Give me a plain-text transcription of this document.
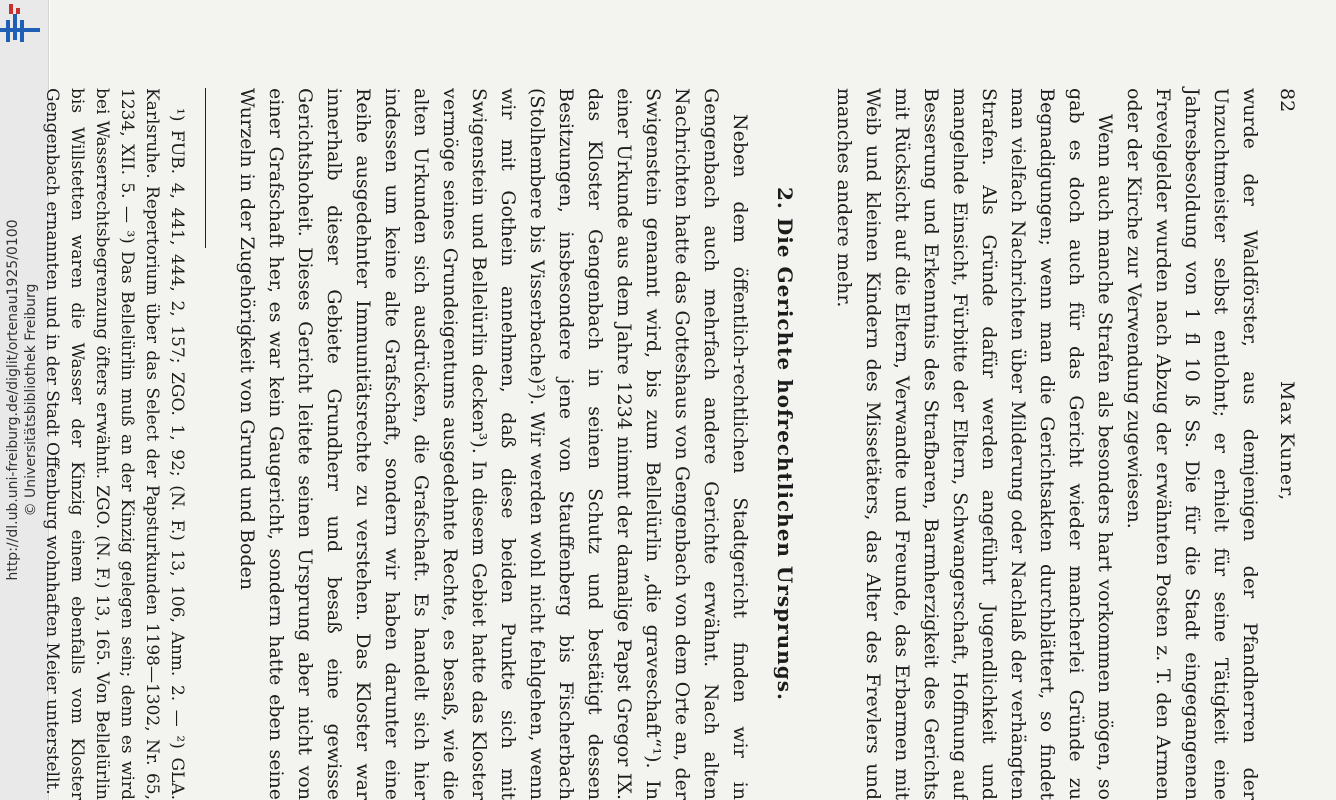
http://dl.ub.uni-freiburg.de/diglit/ortenau1925/0100 © Universitätsbibliothek Freiburg
82
Max Kuner,

wurde der Waldförster, aus demjenigen der Pfandherren der Unzuchtmeister selbst entlohnt; er erhielt für seine Tätigkeit eine Jahresbesoldung von 1 fl 10 ß Ss. Die für die Stadt eingegangenen Frevelgelder wurden nach Abzug der erwähnten Posten z. T. den Armen oder der Kirche zur Verwendung zugewiesen.

Wenn auch manche Strafen als besonders hart vorkommen mögen, so gab es doch auch für das Gericht wieder mancherlei Gründe zu Begnadigungen; wenn man die Gerichtsakten durchblättert, so findet man vielfach Nachrichten über Milderung oder Nachlaß der verhängten Strafen. Als Gründe dafür werden angeführt Jugendlichkeit und mangelnde Einsicht, Fürbitte der Eltern, Schwangerschaft, Hoffnung auf Besserung und Erkenntnis des Strafbaren, Barmherzigkeit des Gerichts mit Rücksicht auf die Eltern, Verwandte und Freunde, das Erbarmen mit Weib und kleinen Kindern des Missetäters, das Alter des Frevlers und manches andere mehr.

2. Die Gerichte hofrechtlichen Ursprungs.

Neben dem öffentlich-rechtlichen Stadtgericht finden wir in Gengenbach auch mehrfach andere Gerichte erwähnt. Nach alten Nachrichten hatte das Gotteshaus von Gengenbach von dem Orte an, der Swigenstein genannt wird, bis zum Bellelürlin „die graveschaft“¹). In einer Urkunde aus dem Jahre 1234 nimmt der damalige Papst Gregor IX. das Kloster Gengenbach in seinen Schutz und bestätigt dessen Besitzungen, insbesondere jene von Stauffenberg bis Fischerbach (Stolhembere bis Visserbache)²). Wir werden wohl nicht fehlgehen, wenn wir mit Gothein annehmen, daß diese beiden Punkte sich mit Swigenstein und Bellelürlin decken³). In diesem Gebiet hatte das Kloster vermöge seines Grundeigentums ausgedehnte Rechte, es besaß, wie die alten Urkunden sich ausdrücken, die Grafschaft. Es handelt sich hier indessen um keine alte Grafschaft, sondern wir haben darunter eine Reihe ausgedehnter Immunitätsrechte zu verstehen. Das Kloster war innerhalb dieser Gebiete Grundherr und besaß eine gewisse Gerichtshoheit. Dieses Gericht leitete seinen Ursprung aber nicht von einer Grafschaft her, es war kein Gaugericht, sondern hatte eben seine Wurzeln in der Zugehörigkeit von Grund und Boden

¹) FUB. 4, 441, 444, 2, 157; ZGO. 1, 92; (N. F.) 13, 106, Anm. 2. — ²) GLA. Karlsruhe. Repertorium über das Select der Papsturkunden 1198—1302, Nr. 65, 1234, XII. 5. — ³) Das Bellelürlin muß an der Kinzig gelegen sein; denn es wird bei Wasserrechtsbegrenzung öfters erwähnt. ZGO. (N. F.) 13, 165. Von Bellelürlin bis Willstetten waren die Wasser der Kinzig einem ebenfalls vom Kloster Gengenbach ernannten und in der Stadt Offenburg wohnhaften Meier unterstellt.
